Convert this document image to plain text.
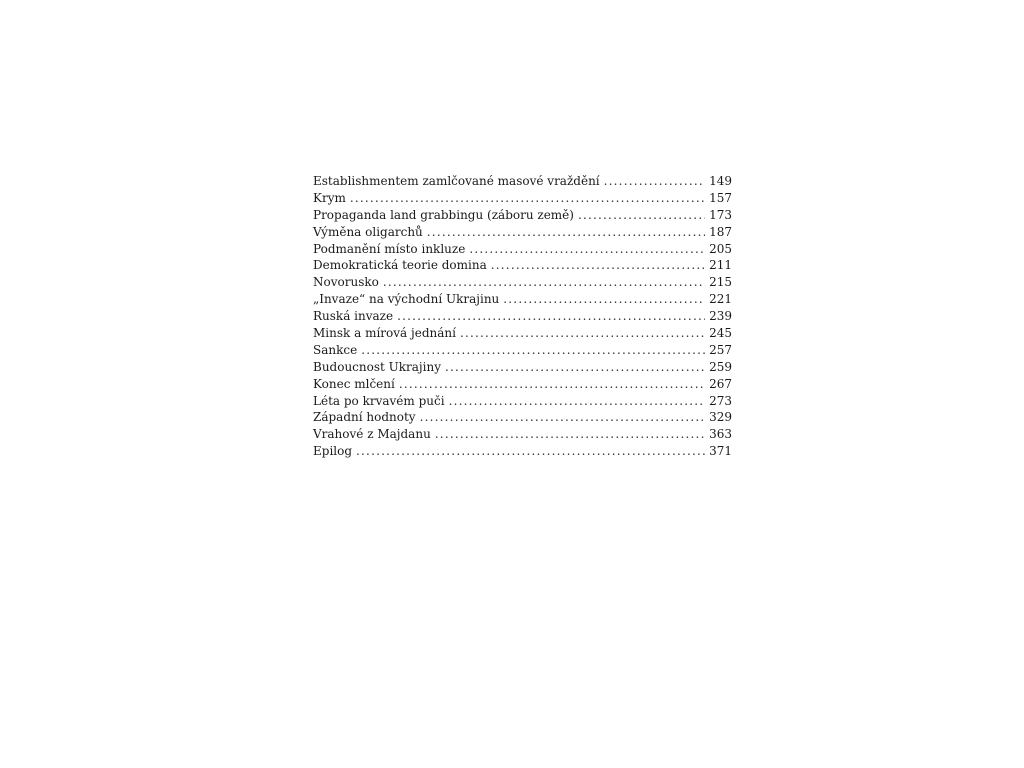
Establishmentem zamlčované masové vraždění .....	149
Krym .....	157
Propaganda land grabbingu (záboru země) .....	173
Výměna oligarchů .....	187
Podmanění místo inkluze .....	205
Demokratická teorie domina .....	211
Novorusko .....	215
„Invaze“ na východní Ukrajinu .....	221
Ruská invaze .....	239
Minsk a mírová jednání .....	245
Sankce .....	257
Budoucnost Ukrajiny .....	259
Konec mlčení .....	267
Léta po krvavém puči .....	273
Západní hodnoty .....	329
Vrahové z Majdanu .....	363
Epilog .....	371
